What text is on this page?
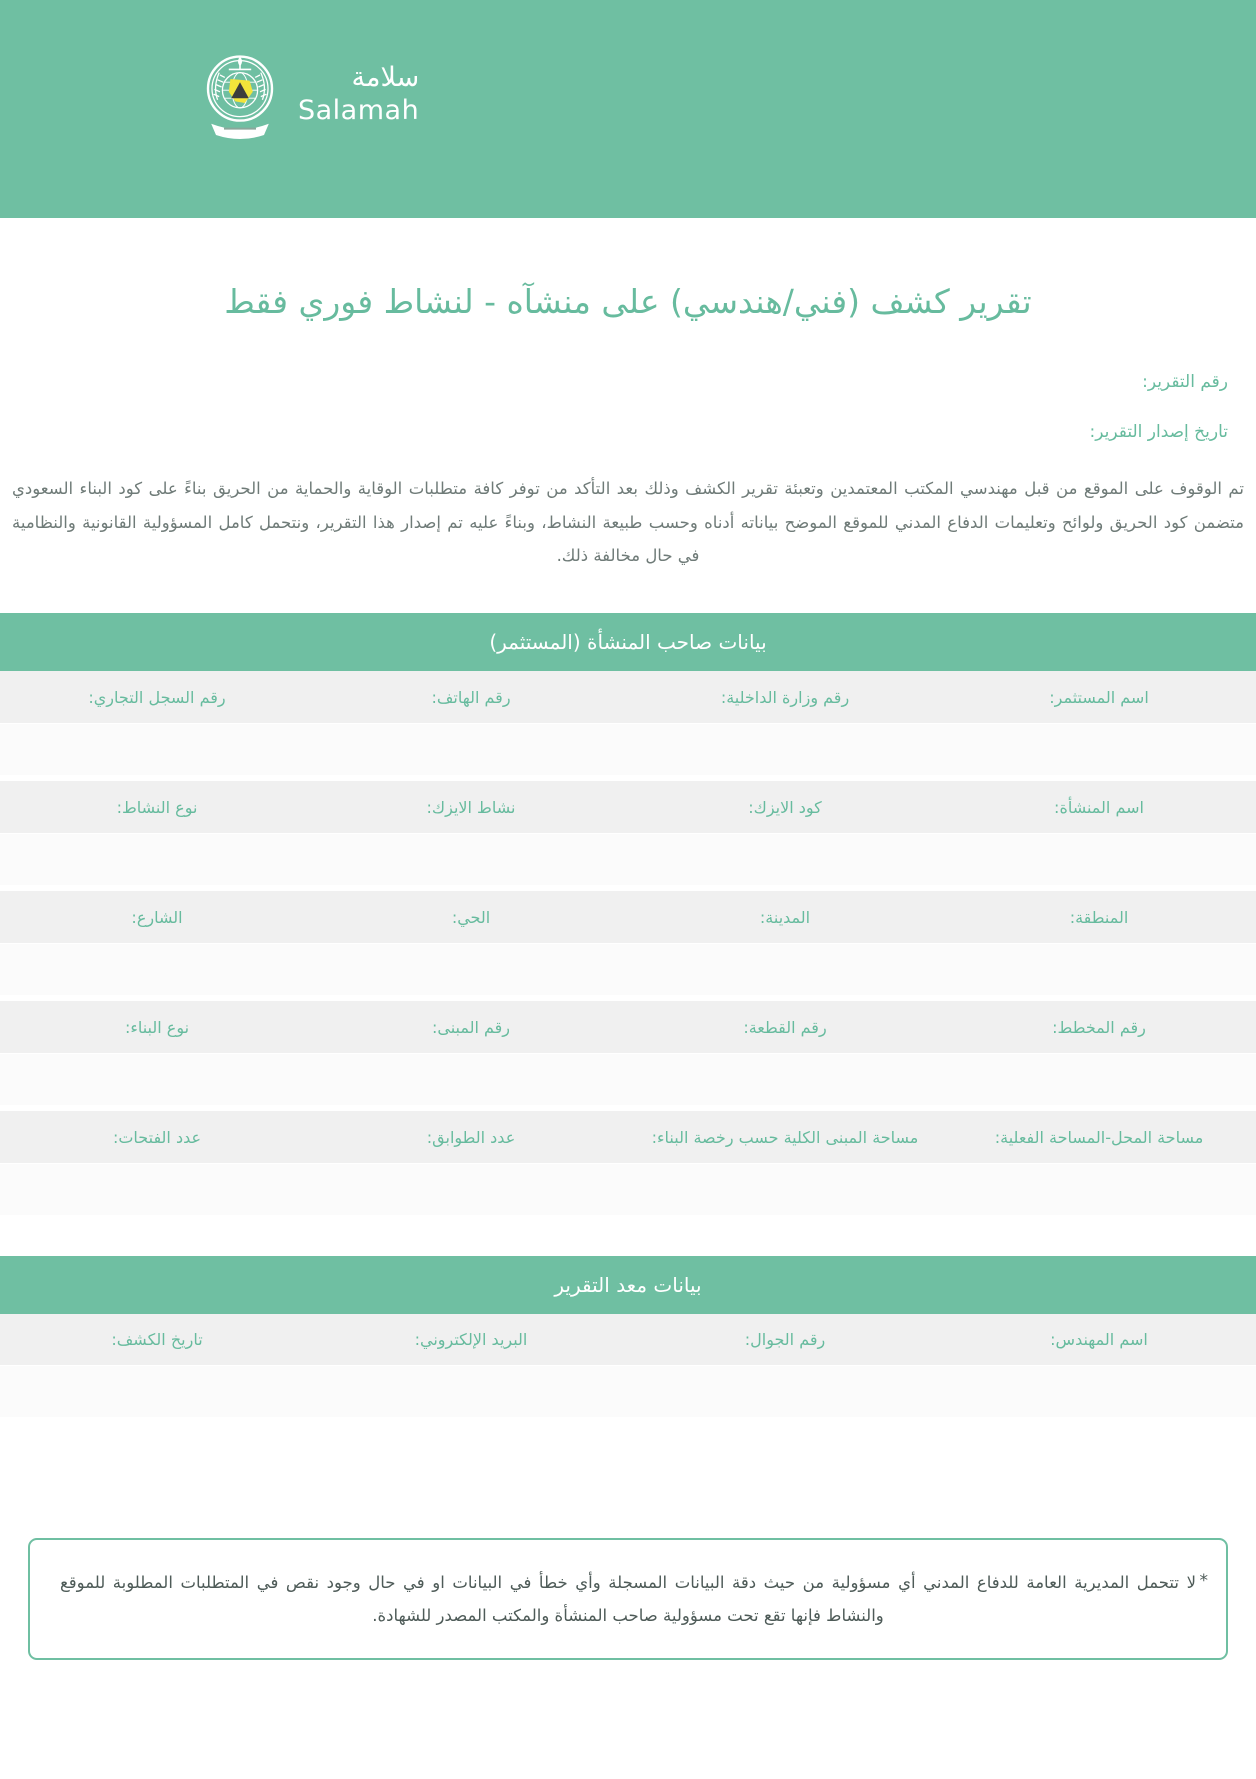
سلامة
Salamah
تقرير كشف (فني/هندسي) على منشآه - لنشاط فوري فقط
رقم التقرير:
تاريخ إصدار التقرير:

تم الوقوف على الموقع من قبل مهندسي المكتب المعتمدين وتعبئة تقرير الكشف وذلك بعد التأكد من توفر كافة متطلبات الوقاية والحماية من الحريق بناءً على كود البناء السعودي متضمن كود الحريق ولوائح وتعليمات الدفاع المدني للموقع الموضح بياناته أدناه وحسب طبيعة النشاط، وبناءً عليه تم إصدار هذا التقرير، ونتحمل كامل المسؤولية القانونية والنظامية في حال مخالفة ذلك.

بيانات صاحب المنشأة (المستثمر)
اسم المستثمر:	رقم وزارة الداخلية:	رقم الهاتف:	رقم السجل التجاري:

اسم المنشأة:	كود الايزك:	نشاط الايزك:	نوع النشاط:

المنطقة:	المدينة:	الحي:	الشارع:

رقم المخطط:	رقم القطعة:	رقم المبنى:	نوع البناء:

مساحة المحل-المساحة الفعلية:	مساحة المبنى الكلية حسب رخصة البناء:	عدد الطوابق:	عدد الفتحات:

بيانات معد التقرير
اسم المهندس:	رقم الجوال:	البريد الإلكتروني:	تاريخ الكشف:

*
لا تتحمل المديرية العامة للدفاع المدني أي مسؤولية من حيث دقة البيانات المسجلة وأي خطأ في البيانات او في حال وجود نقص في المتطلبات المطلوبة للموقع والنشاط فإنها تقع تحت مسؤولية صاحب المنشأة والمكتب المصدر للشهادة.
